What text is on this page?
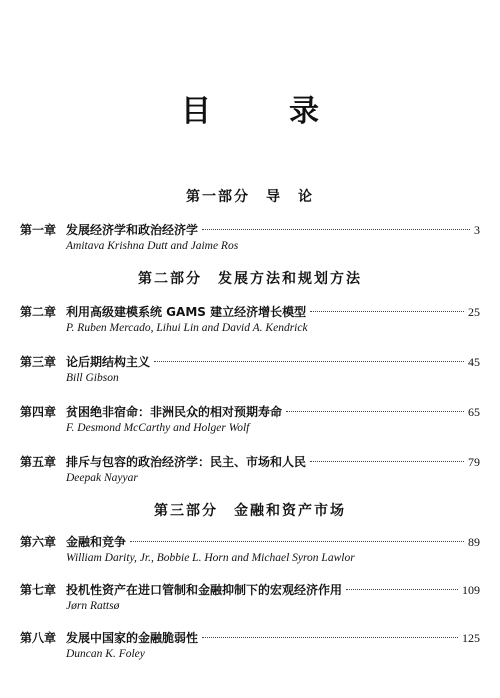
目　录
第一部分　导　论
第一章 发展经济学和政治经济学	3
Amitava Krishna Dutt and Jaime Ros
第二部分　发展方法和规划方法
第二章 利用高级建模系统 GAMS 建立经济增长模型	25
P. Ruben Mercado, Lihui Lin and David A. Kendrick
第三章 论后期结构主义	45
Bill Gibson
第四章 贫困绝非宿命：非洲民众的相对预期寿命	65
F. Desmond McCarthy and Holger Wolf
第五章 排斥与包容的政治经济学：民主、市场和人民	79
Deepak Nayyar
第三部分　金融和资产市场
第六章 金融和竞争	89
William Darity, Jr., Bobbie L. Horn and Michael Syron Lawlor
第七章 投机性资产在进口管制和金融抑制下的宏观经济作用	109
Jørn Rattsø
第八章 发展中国家的金融脆弱性	125
Duncan K. Foley
